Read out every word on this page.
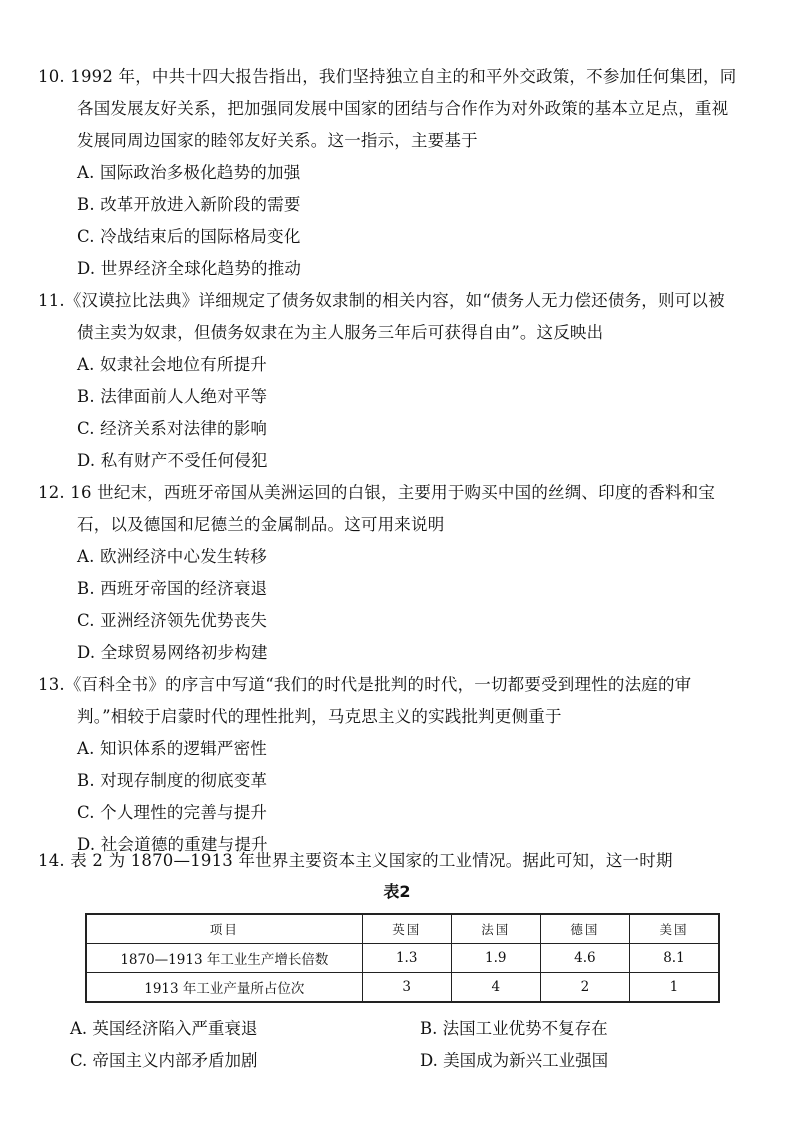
10. 1992 年，中共十四大报告指出，我们坚持独立自主的和平外交政策，不参加任何集团，同
各国发展友好关系，把加强同发展中国家的团结与合作作为对外政策的基本立足点，重视
发展同周边国家的睦邻友好关系。这一指示，主要基于
A. 国际政治多极化趋势的加强
B. 改革开放进入新阶段的需要
C. 冷战结束后的国际格局变化
D. 世界经济全球化趋势的推动
11.《汉谟拉比法典》详细规定了债务奴隶制的相关内容，如“债务人无力偿还债务，则可以被
债主卖为奴隶，但债务奴隶在为主人服务三年后可获得自由”。这反映出
A. 奴隶社会地位有所提升
B. 法律面前人人绝对平等
C. 经济关系对法律的影响
D. 私有财产不受任何侵犯
12. 16 世纪末，西班牙帝国从美洲运回的白银，主要用于购买中国的丝绸、印度的香料和宝
石，以及德国和尼德兰的金属制品。这可用来说明
A. 欧洲经济中心发生转移
B. 西班牙帝国的经济衰退
C. 亚洲经济领先优势丧失
D. 全球贸易网络初步构建
13.《百科全书》的序言中写道“我们的时代是批判的时代，一切都要受到理性的法庭的审
判。”相较于启蒙时代的理性批判，马克思主义的实践批判更侧重于
A. 知识体系的逻辑严密性
B. 对现存制度的彻底变革
C. 个人理性的完善与提升
D. 社会道德的重建与提升
14. 表 2 为 1870—1913 年世界主要资本主义国家的工业情况。据此可知，这一时期
表2
项目	英国	法国	德国	美国
1870—1913 年工业生产增长倍数	1.3	1.9	4.6	8.1
1913 年工业产量所占位次	3	4	2	1
A. 英国经济陷入严重衰退	B. 法国工业优势不复存在
C. 帝国主义内部矛盾加剧	D. 美国成为新兴工业强国
